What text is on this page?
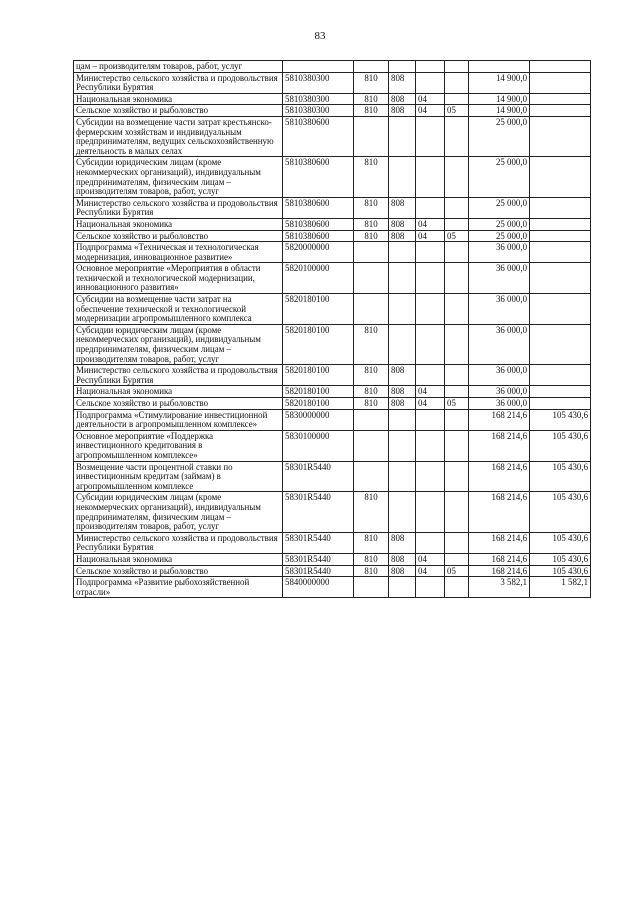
83
цам – производителям товаров, работ, услуг							
Министерство сельского хозяйства и продовольствия Республики Бурятия	5810380300	810	808			14 900,0	
Национальная экономика	5810380300	810	808	04		14 900,0	
Сельское хозяйство и рыболовство	5810380300	810	808	04	05	14 900,0	
Субсидии на возмещение части затрат крестьянско-фермерским хозяйствам и индивидуальным предпринимателям, ведущих сельскохозяйственную деятельность в малых селах	5810380600					25 000,0	
Субсидии юридическим лицам (кроме некоммерческих организаций), индивидуальным предпринимателям, физическим лицам – производителям товаров, работ, услуг	5810380600	810				25 000,0	
Министерство сельского хозяйства и продовольствия Республики Бурятия	5810380600	810	808			25 000,0	
Национальная экономика	5810380600	810	808	04		25 000,0	
Сельское хозяйство и рыболовство	5810380600	810	808	04	05	25 000,0	
Подпрограмма «Техническая и технологическая модернизация, инновационное развитие»	5820000000					36 000,0	
Основное мероприятие «Мероприятия в области технической и технологической модернизации, инновационного развития»	5820100000					36 000,0	
Субсидии на возмещение части затрат на обеспечение технической и технологической модернизации агропромышленного комплекса	5820180100					36 000,0	
Субсидии юридическим лицам (кроме некоммерческих организаций), индивидуальным предпринимателям, физическим лицам – производителям товаров, работ, услуг	5820180100	810				36 000,0	
Министерство сельского хозяйства и продовольствия Республики Бурятия	5820180100	810	808			36 000,0	
Национальная экономика	5820180100	810	808	04		36 000,0	
Сельское хозяйство и рыболовство	5820180100	810	808	04	05	36 000,0	
Подпрограмма «Стимулирование инвестиционной деятельности в агропромышленном комплексе»	5830000000					168 214,6	105 430,6
Основное мероприятие «Поддержка инвестиционного кредитования в агропромышленном комплексе»	5830100000					168 214,6	105 430,6
Возмещение части процентной ставки по инвестиционным кредитам (займам) в агропромышленном комплексе	58301R5440					168 214,6	105 430,6
Субсидии юридическим лицам (кроме некоммерческих организаций), индивидуальным предпринимателям, физическим лицам – производителям товаров, работ, услуг	58301R5440	810				168 214,6	105 430,6
Министерство сельского хозяйства и продовольствия Республики Бурятия	58301R5440	810	808			168 214,6	105 430,6
Национальная экономика	58301R5440	810	808	04		168 214,6	105 430,6
Сельское хозяйство и рыболовство	58301R5440	810	808	04	05	168 214,6	105 430,6
Подпрограмма «Развитие рыбохозяйственной отрасли»	5840000000					3 582,1	1 582,1
